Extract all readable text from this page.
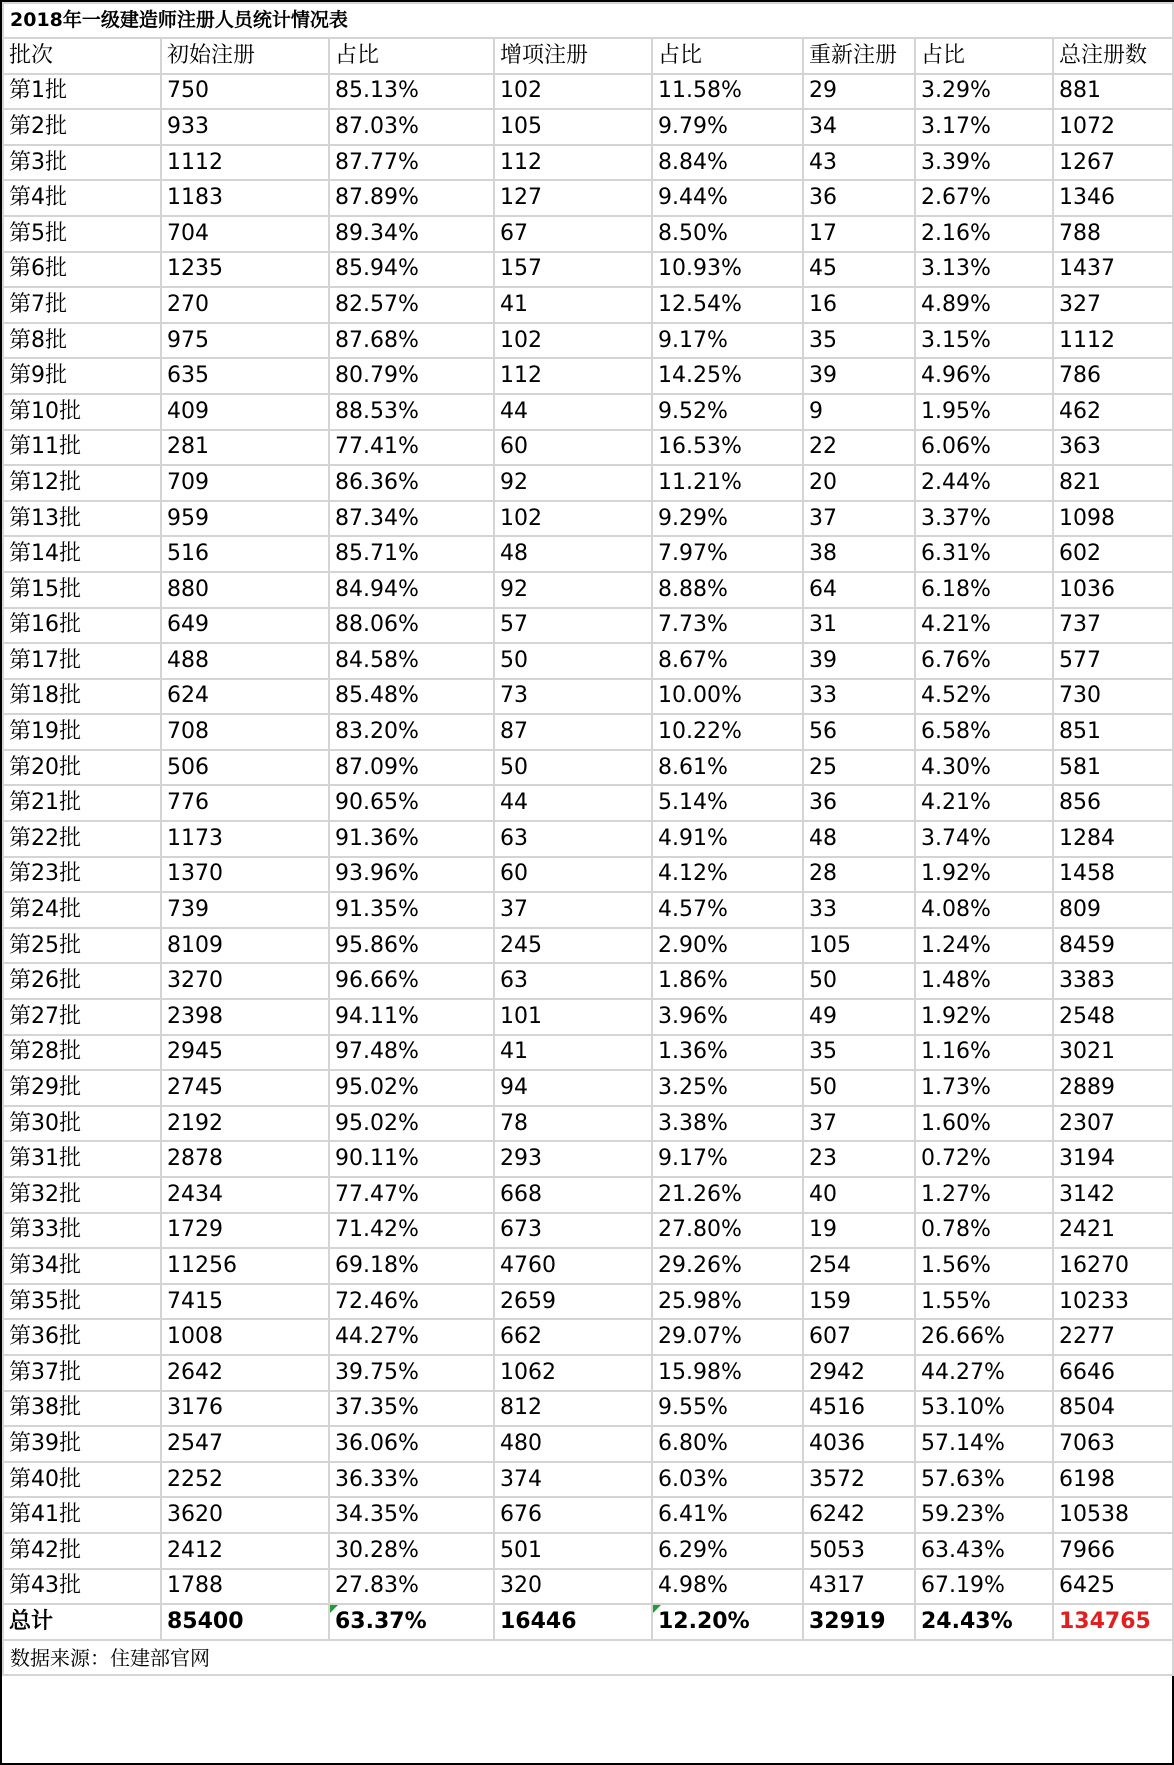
2018年一级建造师注册人员统计情况表							
批次	初始注册	占比	增项注册	占比	重新注册	占比	总注册数
第1批	750	85.13%	102	11.58%	29	3.29%	881
第2批	933	87.03%	105	9.79%	34	3.17%	1072
第3批	1112	87.77%	112	8.84%	43	3.39%	1267
第4批	1183	87.89%	127	9.44%	36	2.67%	1346
第5批	704	89.34%	67	8.50%	17	2.16%	788
第6批	1235	85.94%	157	10.93%	45	3.13%	1437
第7批	270	82.57%	41	12.54%	16	4.89%	327
第8批	975	87.68%	102	9.17%	35	3.15%	1112
第9批	635	80.79%	112	14.25%	39	4.96%	786
第10批	409	88.53%	44	9.52%	9	1.95%	462
第11批	281	77.41%	60	16.53%	22	6.06%	363
第12批	709	86.36%	92	11.21%	20	2.44%	821
第13批	959	87.34%	102	9.29%	37	3.37%	1098
第14批	516	85.71%	48	7.97%	38	6.31%	602
第15批	880	84.94%	92	8.88%	64	6.18%	1036
第16批	649	88.06%	57	7.73%	31	4.21%	737
第17批	488	84.58%	50	8.67%	39	6.76%	577
第18批	624	85.48%	73	10.00%	33	4.52%	730
第19批	708	83.20%	87	10.22%	56	6.58%	851
第20批	506	87.09%	50	8.61%	25	4.30%	581
第21批	776	90.65%	44	5.14%	36	4.21%	856
第22批	1173	91.36%	63	4.91%	48	3.74%	1284
第23批	1370	93.96%	60	4.12%	28	1.92%	1458
第24批	739	91.35%	37	4.57%	33	4.08%	809
第25批	8109	95.86%	245	2.90%	105	1.24%	8459
第26批	3270	96.66%	63	1.86%	50	1.48%	3383
第27批	2398	94.11%	101	3.96%	49	1.92%	2548
第28批	2945	97.48%	41	1.36%	35	1.16%	3021
第29批	2745	95.02%	94	3.25%	50	1.73%	2889
第30批	2192	95.02%	78	3.38%	37	1.60%	2307
第31批	2878	90.11%	293	9.17%	23	0.72%	3194
第32批	2434	77.47%	668	21.26%	40	1.27%	3142
第33批	1729	71.42%	673	27.80%	19	0.78%	2421
第34批	11256	69.18%	4760	29.26%	254	1.56%	16270
第35批	7415	72.46%	2659	25.98%	159	1.55%	10233
第36批	1008	44.27%	662	29.07%	607	26.66%	2277
第37批	2642	39.75%	1062	15.98%	2942	44.27%	6646
第38批	3176	37.35%	812	9.55%	4516	53.10%	8504
第39批	2547	36.06%	480	6.80%	4036	57.14%	7063
第40批	2252	36.33%	374	6.03%	3572	57.63%	6198
第41批	3620	34.35%	676	6.41%	6242	59.23%	10538
第42批	2412	30.28%	501	6.29%	5053	63.43%	7966
第43批	1788	27.83%	320	4.98%	4317	67.19%	6425
总计	85400	63.37%	16446	12.20%	32919	24.43%	134765
数据来源：住建部官网							
